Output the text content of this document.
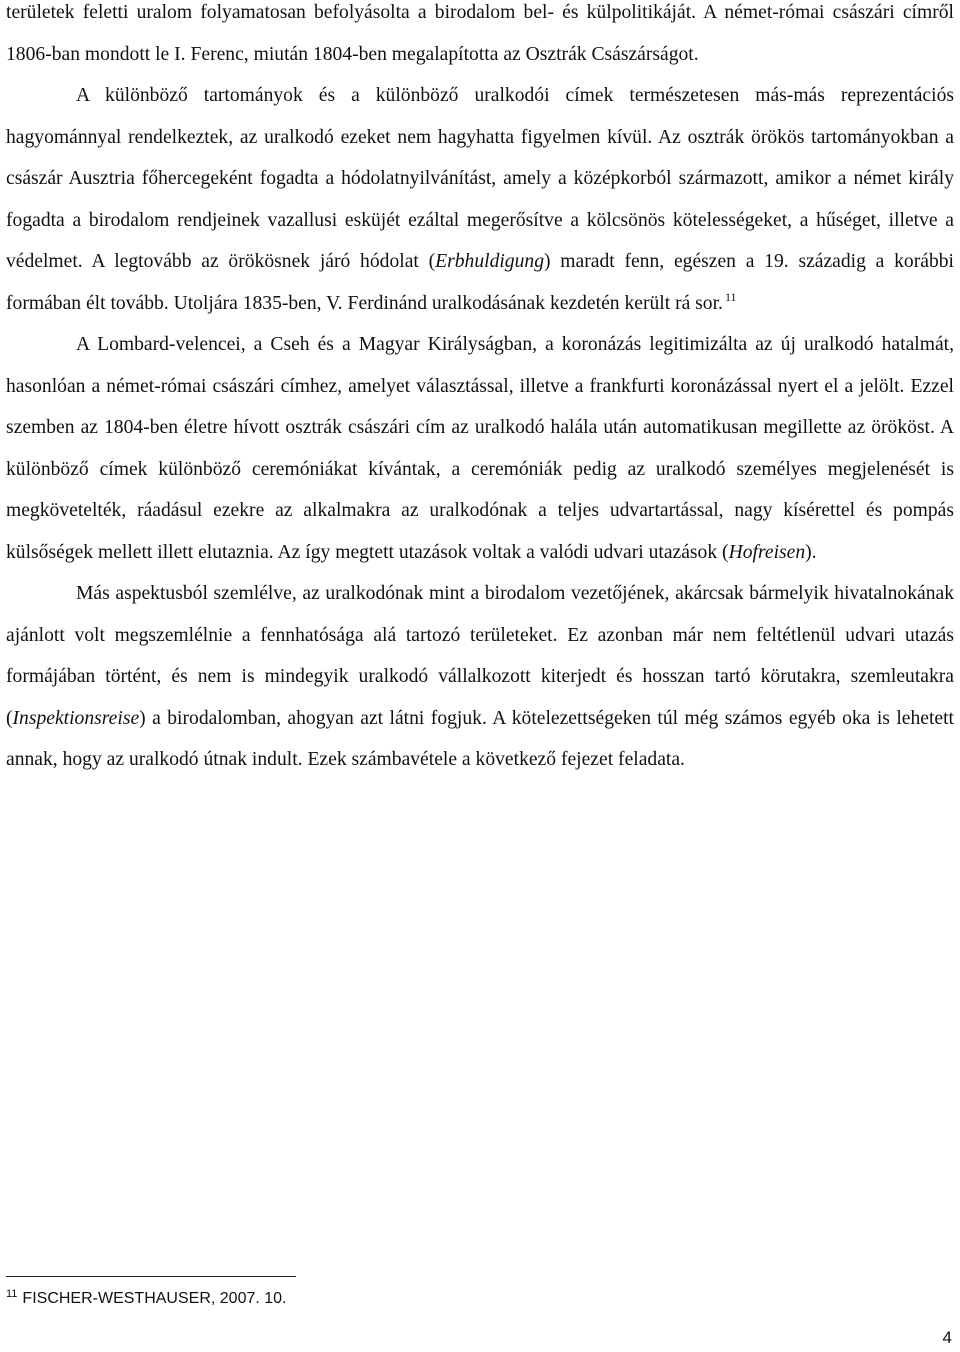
területek feletti uralom folyamatosan befolyásolta a birodalom bel- és külpolitikáját. A német-római császári címről 1806-ban mondott le I. Ferenc, miután 1804-ben megalapította az Osztrák Császárságot.

A különböző tartományok és a különböző uralkodói címek természetesen más-más reprezentációs hagyománnyal rendelkeztek, az uralkodó ezeket nem hagyhatta figyelmen kívül. Az osztrák örökös tartományokban a császár Ausztria főhercegeként fogadta a hódolatnyilvánítást, amely a középkorból származott, amikor a német király fogadta a birodalom rendjeinek vazallusi esküjét ezáltal megerősítve a kölcsönös kötelességeket, a hűséget, illetve a védelmet. A legtovább az örökösnek járó hódolat (Erbhuldigung) maradt fenn, egészen a 19. századig a korábbi formában élt tovább. Utoljára 1835-ben, V. Ferdinánd uralkodásának kezdetén került rá sor. $^{11}$

A Lombard-velencei, a Cseh és a Magyar Királyságban, a koronázás legitimizálta az új uralkodó hatalmát, hasonlóan a német-római császári címhez, amelyet választással, illetve a frankfurti koronázással nyert el a jelölt. Ezzel szemben az 1804-ben életre hívott osztrák császári cím az uralkodó halála után automatikusan megillette az örököst. A különböző címek különböző ceremóniákat kívántak, a ceremóniák pedig az uralkodó személyes megjelenését is megkövetelték, ráadásul ezekre az alkalmakra az uralkodónak a teljes udvartartással, nagy kísérettel és pompás külsőségek mellett illett elutaznia. Az így megtett utazások voltak a valódi udvari utazások (Hofreisen).

Más aspektusból szemlélve, az uralkodónak mint a birodalom vezetőjének, akárcsak bármelyik hivatalnokának ajánlott volt megszemlélnie a fennhatósága alá tartozó területeket. Ez azonban már nem feltétlenül udvari utazás formájában történt, és nem is mindegyik uralkodó vállalkozott kiterjedt és hosszan tartó körutakra, szemleutakra (Inspektionsreise) a birodalomban, ahogyan azt látni fogjuk. A kötelezettségeken túl még számos egyéb oka is lehetett annak, hogy az uralkodó útnak indult. Ezek számbavétele a következő fejezet feladata.

$^{11}$ FISCHER-WESTHAUSER, 2007. 10.
4
